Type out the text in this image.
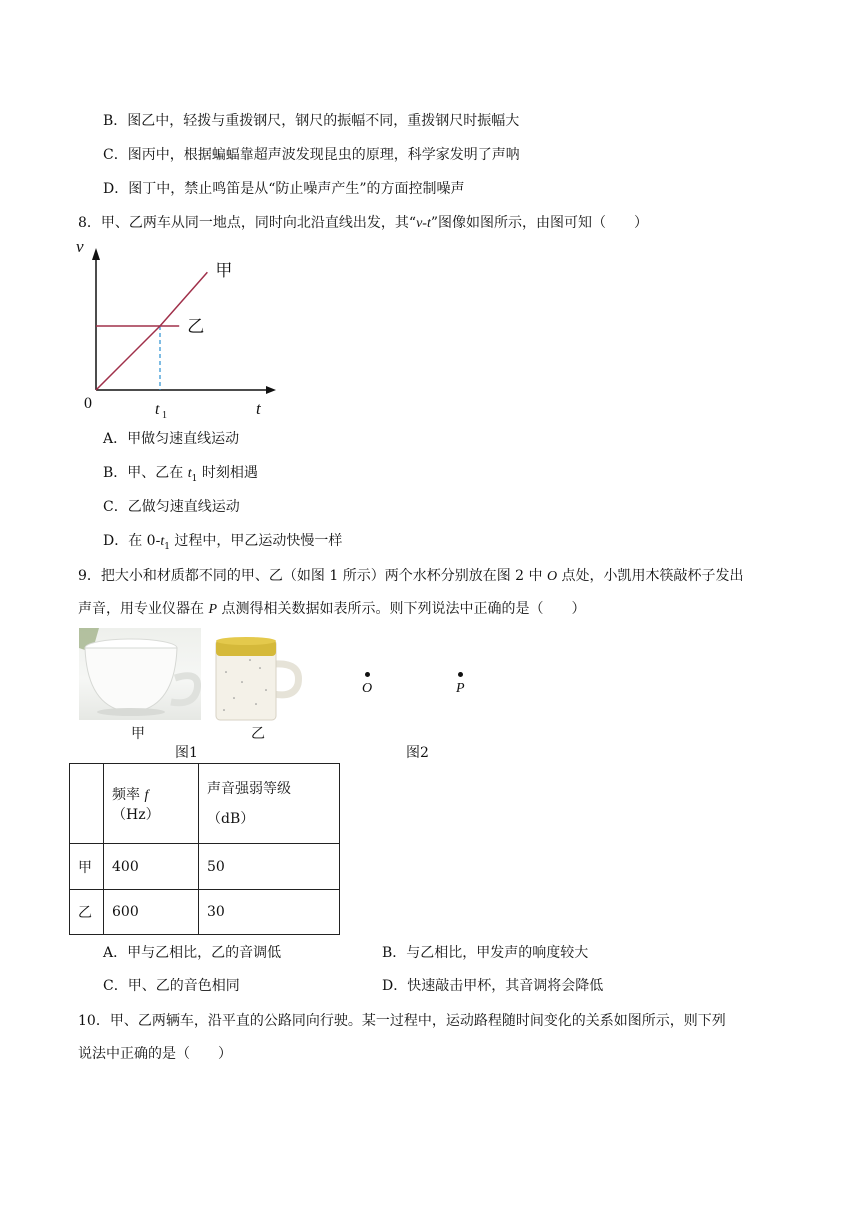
B．图乙中，轻拨与重拨钢尺，钢尺的振幅不同，重拨钢尺时振幅大
C．图丙中，根据蝙蝠靠超声波发现昆虫的原理，科学家发明了声呐
D．图丁中，禁止鸣笛是从“防止噪声产生”的方面控制噪声
8．甲、乙两车从同一地点，同时向北沿直线出发，其“v-t”图像如图所示，由图可知（　　）
甲
乙
v
t
0	t 1
A．甲做匀速直线运动
B．甲、乙在 $t_1$ 时刻相遇
C．乙做匀速直线运动
D．在 $0-t_1$ 过程中，甲乙运动快慢一样
9．把大小和材质都不同的甲、乙（如图 1 所示）两个水杯分别放在图 2 中 O 点处，小凯用木筷敲杯子发出
声音，用专业仪器在 P 点测得相关数据如表所示。则下列说法中正确的是（　　）
甲	乙
图1	图2
O	P
	频率 f（Hz）	声音强弱等级
（dB）

甲	400	50
乙	600	30
A．甲与乙相比，乙的音调低	B．与乙相比，甲发声的响度较大
C．甲、乙的音色相同	D．快速敲击甲杯，其音调将会降低
10．甲、乙两辆车，沿平直的公路同向行驶。某一过程中，运动路程随时间变化的关系如图所示，则下列
说法中正确的是（　　）
